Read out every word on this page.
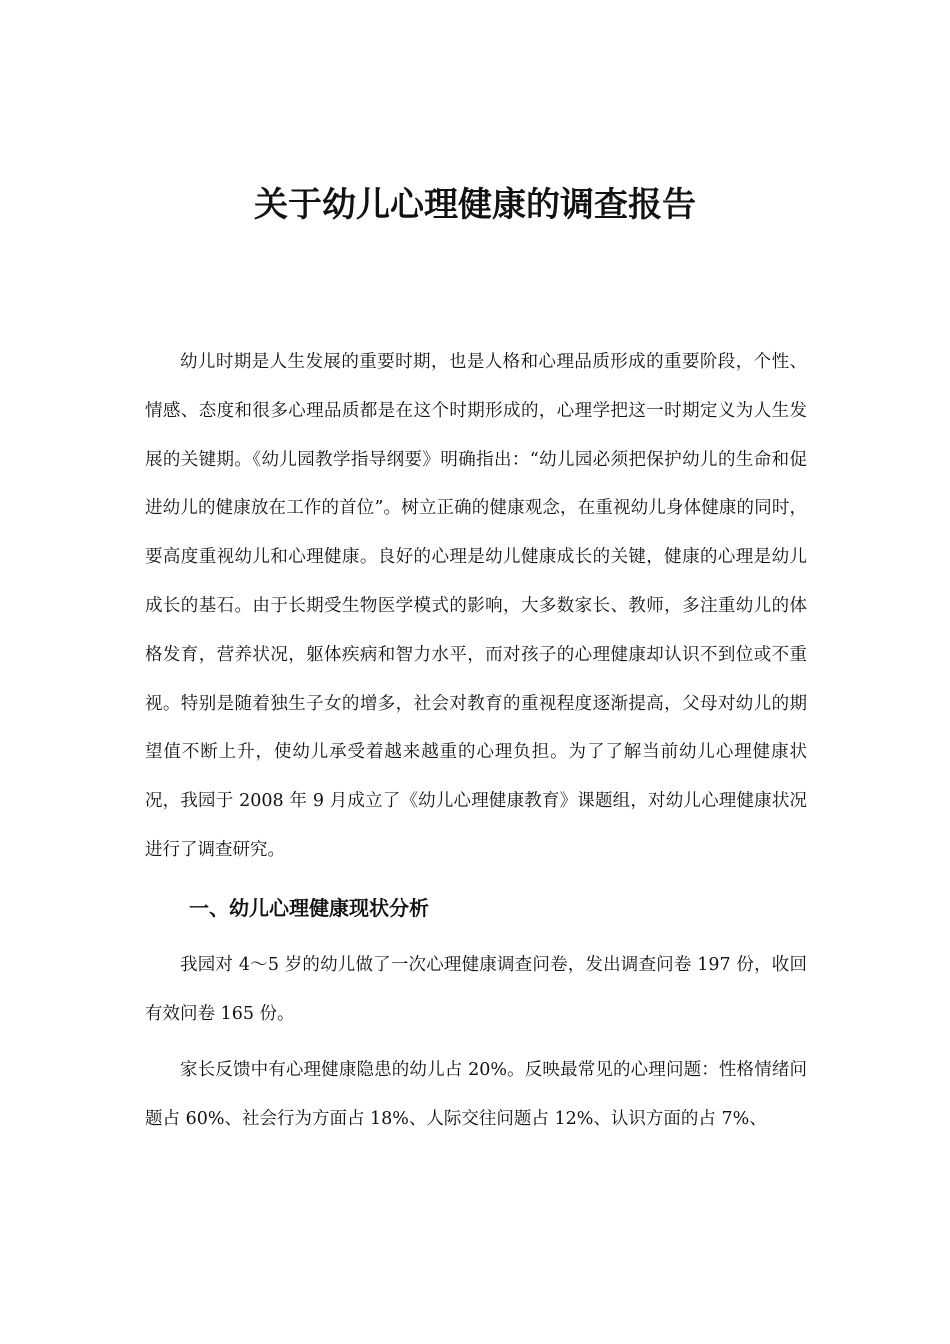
关于幼儿心理健康的调查报告

幼儿时期是人生发展的重要时期，也是人格和心理品质形成的重要阶段，个性、情感、态度和很多心理品质都是在这个时期形成的，心理学把这一时期定义为人生发展的关键期。《幼儿园教学指导纲要》明确指出：“幼儿园必须把保护幼儿的生命和促进幼儿的健康放在工作的首位”。树立正确的健康观念，在重视幼儿身体健康的同时，要高度重视幼儿和心理健康。良好的心理是幼儿健康成长的关键，健康的心理是幼儿成长的基石。由于长期受生物医学模式的影响，大多数家长、教师，多注重幼儿的体格发育，营养状况，躯体疾病和智力水平，而对孩子的心理健康却认识不到位或不重视。特别是随着独生子女的增多，社会对教育的重视程度逐渐提高，父母对幼儿的期望值不断上升，使幼儿承受着越来越重的心理负担。为了了解当前幼儿心理健康状况，我园于 2008 年 9 月成立了《幼儿心理健康教育》课题组，对幼儿心理健康状况进行了调查研究。

一、幼儿心理健康现状分析

我园对 4～5 岁的幼儿做了一次心理健康调查问卷，发出调查问卷 197 份，收回有效问卷 165 份。

家长反馈中有心理健康隐患的幼儿占 20%。反映最常见的心理问题：性格情绪问题占 60%、社会行为方面占 18%、人际交往问题占 12%、认识方面的占 7%、
